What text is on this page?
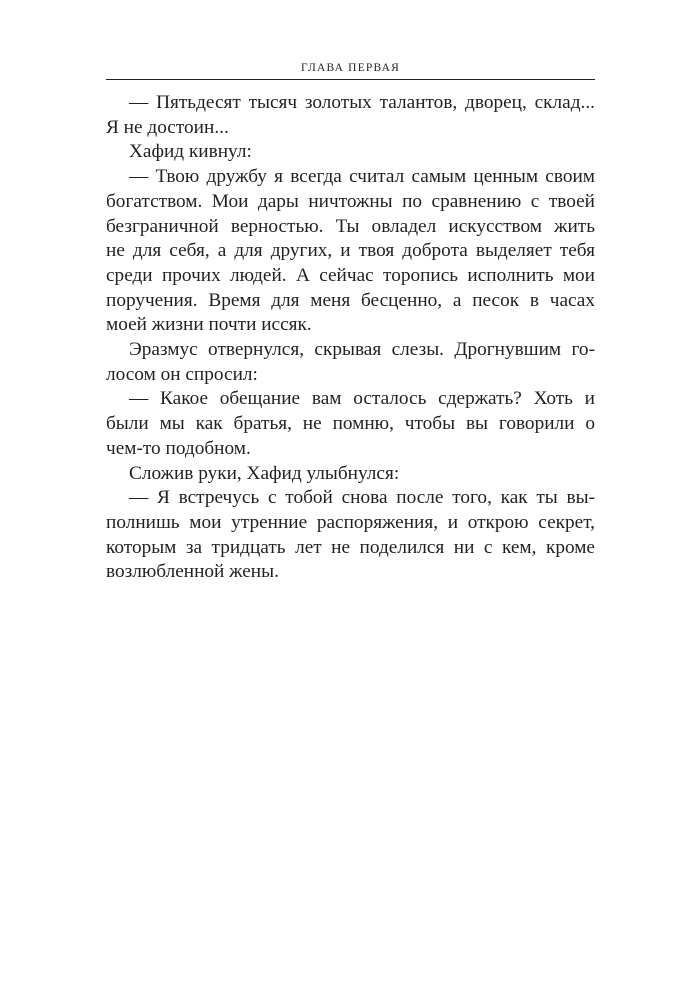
ГЛАВА ПЕРВАЯ

— Пятьдесят тысяч золотых талантов, дворец, склад...

Я не достоин...

Хафид кивнул:

— Твою дружбу я всегда считал самым ценным своим

богатством. Мои дары ничтожны по сравнению с твоей

безграничной верностью. Ты овладел искусством жить

не для себя, а для других, и твоя доброта выделяет тебя

среди прочих людей. А сейчас торопись исполнить мои

поручения. Время для меня бесценно, а песок в часах

моей жизни почти иссяк.

Эразмус отвернулся, скрывая слезы. Дрогнувшим го-

лосом он спросил:

— Какое обещание вам осталось сдержать? Хоть и

были мы как братья, не помню, чтобы вы говорили о

чем-то подобном.

Сложив руки, Хафид улыбнулся:

— Я встречусь с тобой снова после того, как ты вы-

полнишь мои утренние распоряжения, и открою секрет,

которым за тридцать лет не поделился ни с кем, кроме

возлюбленной жены.
